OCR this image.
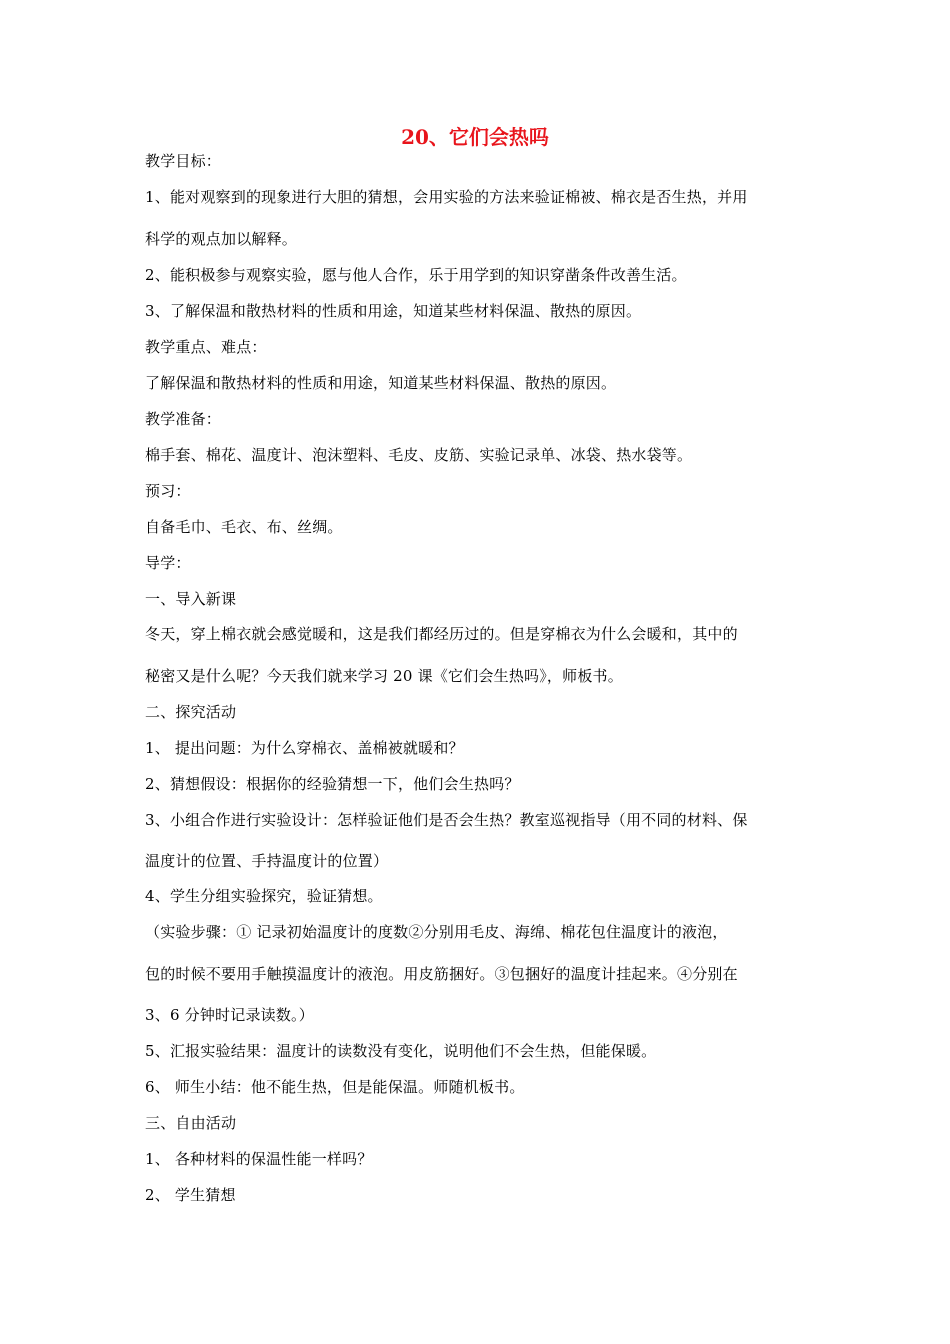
20、它们会热吗
教学目标：
1、能对观察到的现象进行大胆的猜想，会用实验的方法来验证棉被、棉衣是否生热，并用
科学的观点加以解释。
2、能积极参与观察实验，愿与他人合作，乐于用学到的知识穿凿条件改善生活。
3、了解保温和散热材料的性质和用途，知道某些材料保温、散热的原因。
教学重点、难点：
了解保温和散热材料的性质和用途，知道某些材料保温、散热的原因。
教学准备：
棉手套、棉花、温度计、泡沫塑料、毛皮、皮筋、实验记录单、冰袋、热水袋等。
预习：
自备毛巾、毛衣、布、丝绸。
导学：
一、导入新课
冬天，穿上棉衣就会感觉暖和，这是我们都经历过的。但是穿棉衣为什么会暖和，其中的
秘密又是什么呢？今天我们就来学习 20 课《它们会生热吗》，师板书。
二、探究活动
1、 提出问题：为什么穿棉衣、盖棉被就暖和？
2、猜想假设：根据你的经验猜想一下，他们会生热吗？
3、小组合作进行实验设计：怎样验证他们是否会生热？教室巡视指导（用不同的材料、保
温度计的位置、手持温度计的位置）
4、学生分组实验探究，验证猜想。
（实验步骤：① 记录初始温度计的度数②分别用毛皮、海绵、棉花包住温度计的液泡，
包的时候不要用手触摸温度计的液泡。用皮筋捆好。③包捆好的温度计挂起来。④分别在
3、6 分钟时记录读数。）
5、汇报实验结果：温度计的读数没有变化，说明他们不会生热，但能保暖。
6、 师生小结：他不能生热，但是能保温。师随机板书。
三、自由活动
1、 各种材料的保温性能一样吗？
2、 学生猜想
